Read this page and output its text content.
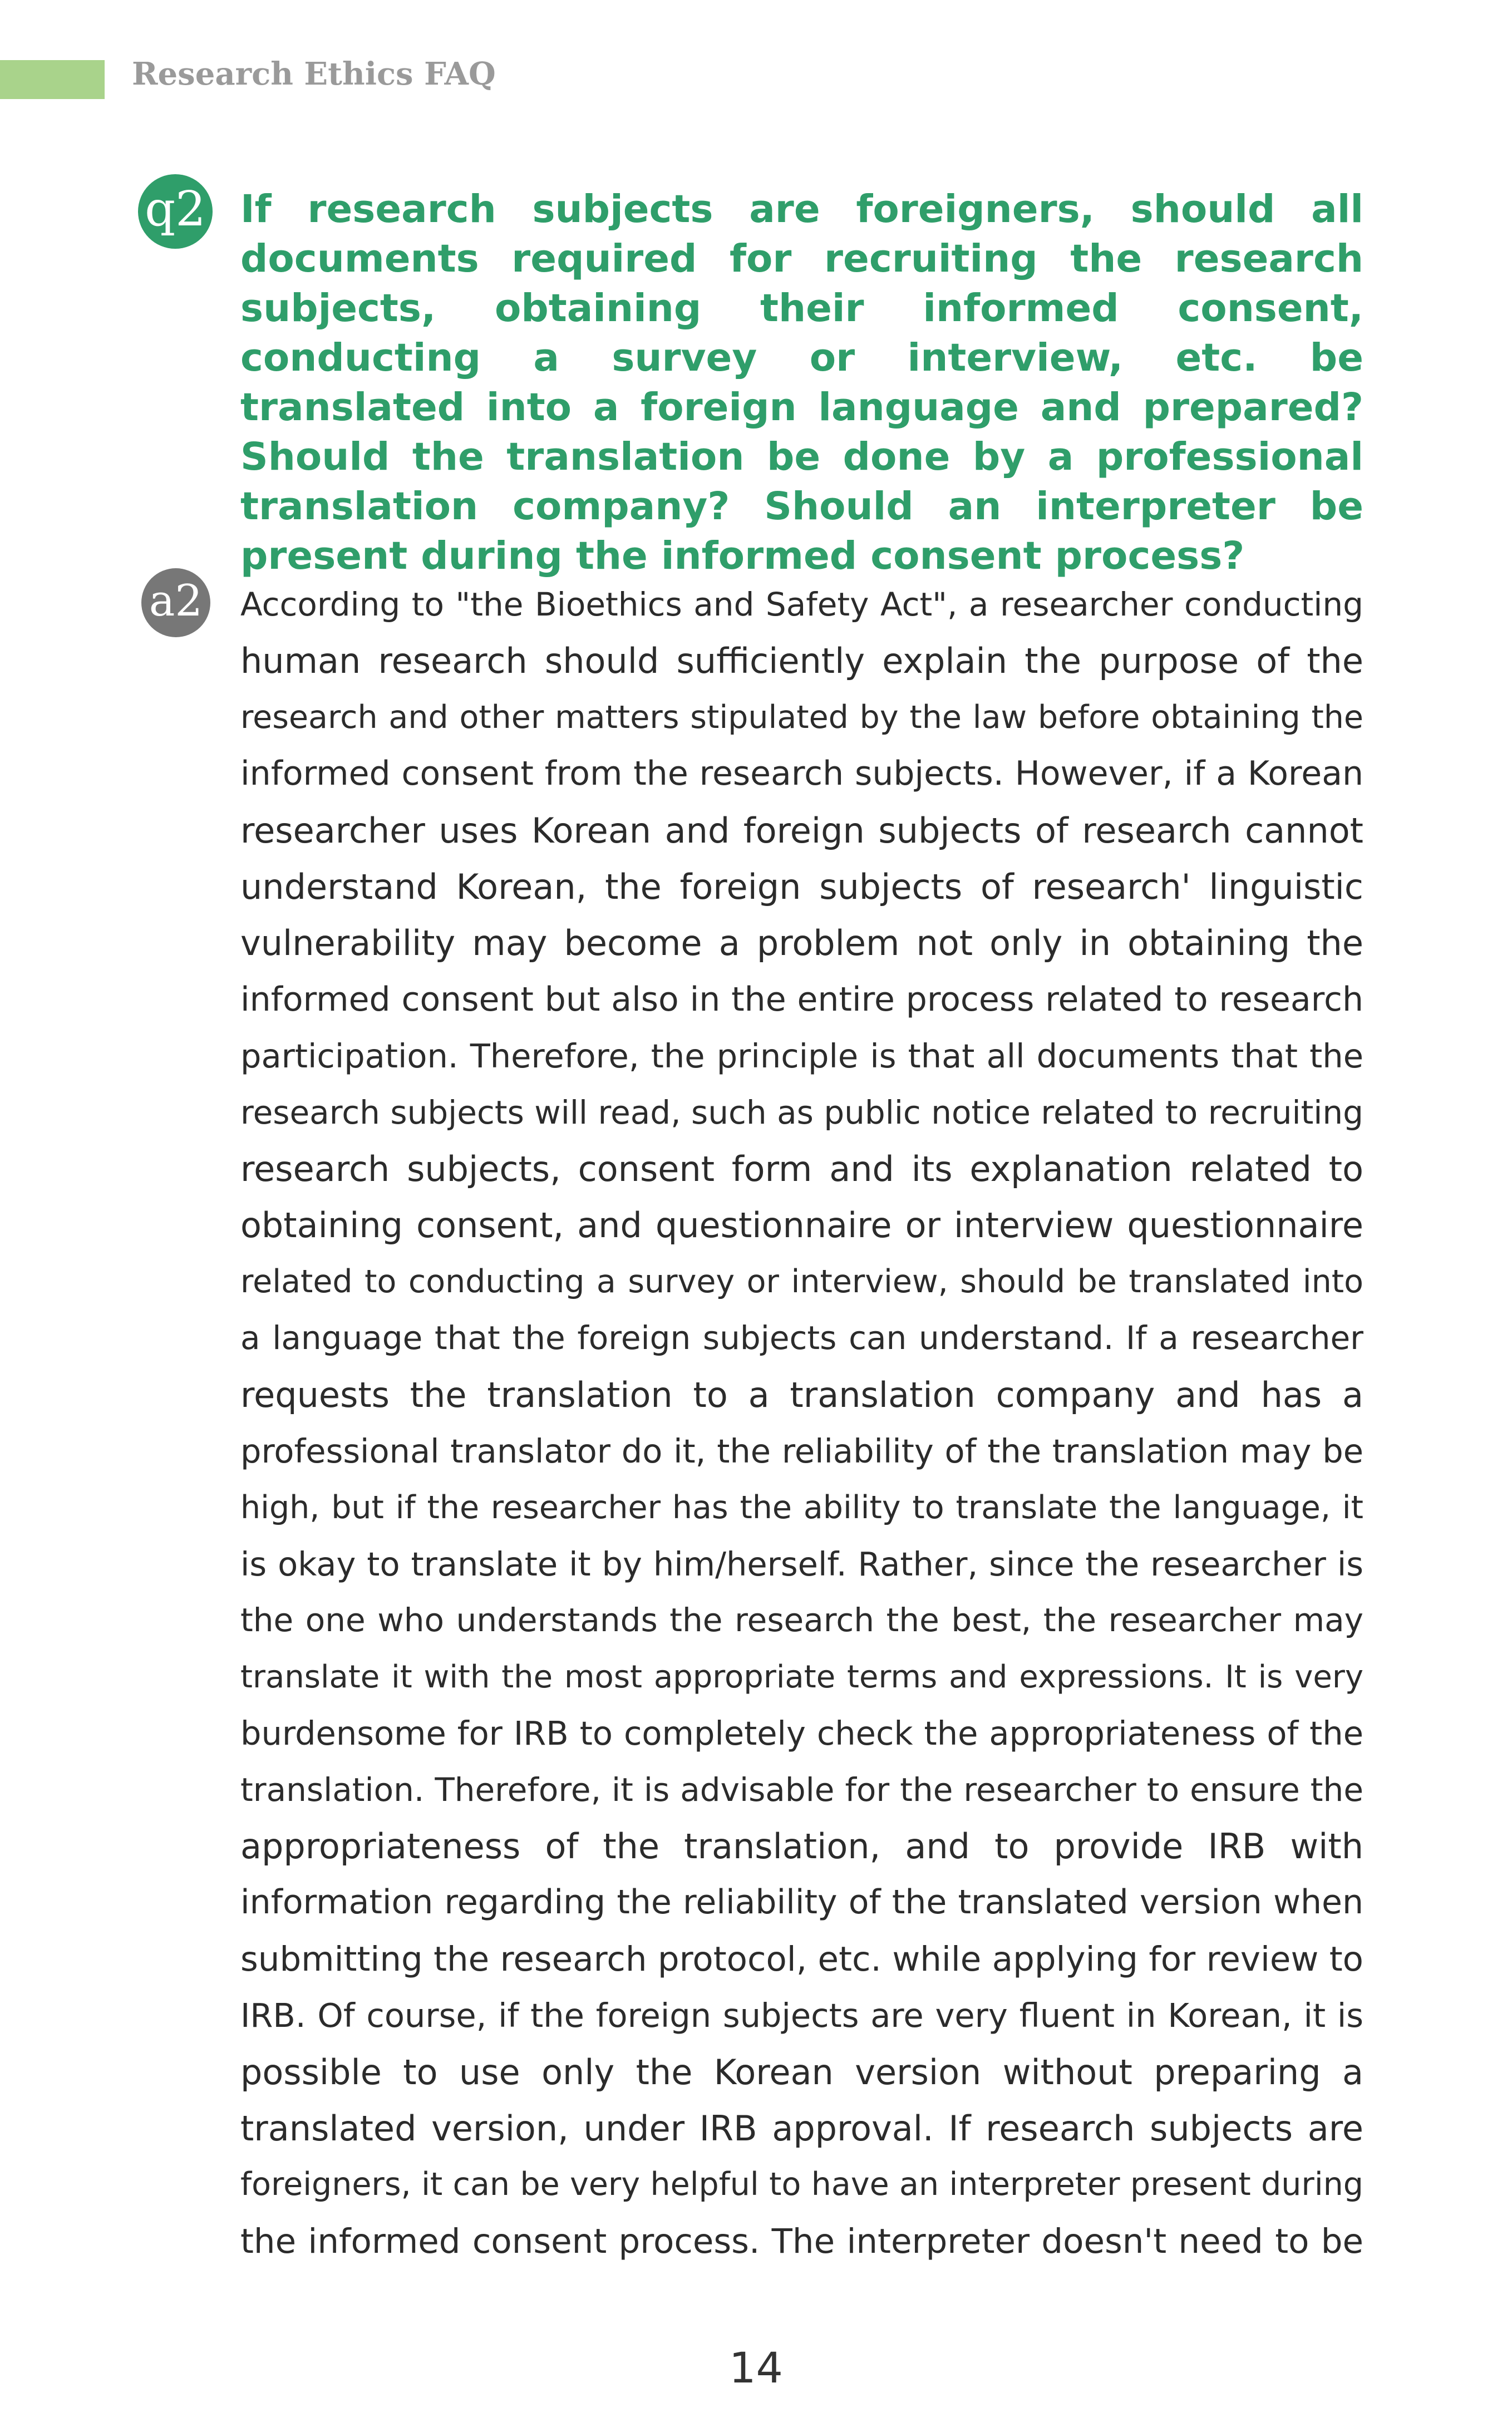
Research Ethics FAQ
q2 If research subjects are foreigners, should all documents required for recruiting the research subjects, obtaining their informed consent, conducting a survey or interview, etc. be translated into a foreign language and prepared? Should the translation be done by a professional translation company? Should an interpreter be present during the informed consent process?

a2 According to "the Bioethics and Safety Act", a researcher conducting
human research should sufficiently explain the purpose of the
research and other matters stipulated by the law before obtaining the
informed consent from the research subjects. However, if a Korean
researcher uses Korean and foreign subjects of research cannot
understand Korean, the foreign subjects of research' linguistic
vulnerability may become a problem not only in obtaining the
informed consent but also in the entire process related to research
participation. Therefore, the principle is that all documents that the
research subjects will read, such as public notice related to recruiting
research subjects, consent form and its explanation related to
obtaining consent, and questionnaire or interview questionnaire
related to conducting a survey or interview, should be translated into
a language that the foreign subjects can understand. If a researcher
requests the translation to a translation company and has a
professional translator do it, the reliability of the translation may be
high, but if the researcher has the ability to translate the language, it
is okay to translate it by him/herself. Rather, since the researcher is
the one who understands the research the best, the researcher may
translate it with the most appropriate terms and expressions. It is very
burdensome for IRB to completely check the appropriateness of the
translation. Therefore, it is advisable for the researcher to ensure the
appropriateness of the translation, and to provide IRB with
information regarding the reliability of the translated version when
submitting the research protocol, etc. while applying for review to
IRB. Of course, if the foreign subjects are very fluent in Korean, it is
possible to use only the Korean version without preparing a
translated version, under IRB approval. If research subjects are
foreigners, it can be very helpful to have an interpreter present during
the informed consent process. The interpreter doesn't need to be
14
